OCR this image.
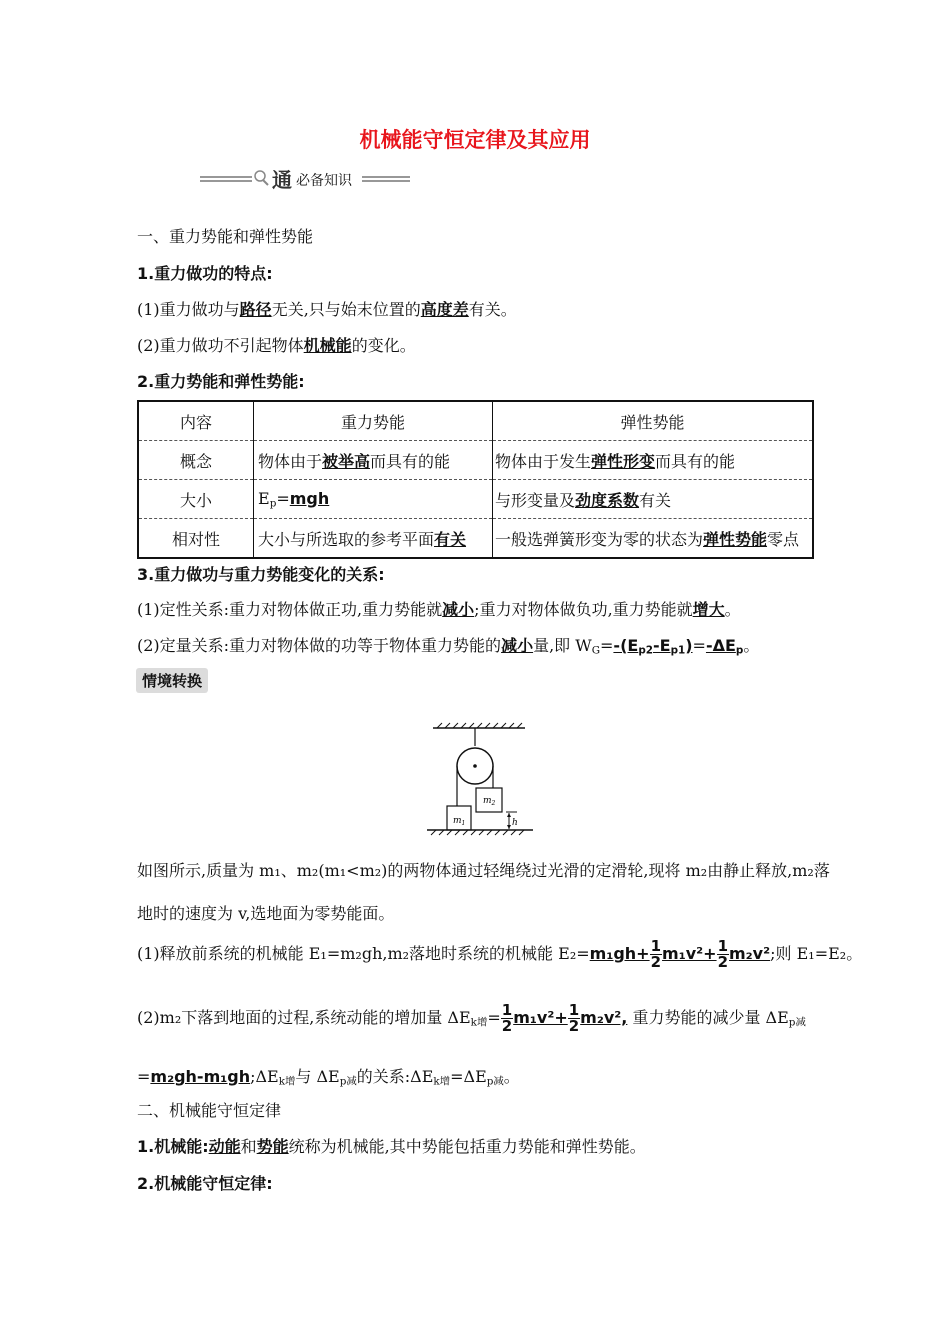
机械能守恒定律及其应用
通 必备知识
一、重力势能和弹性势能
1.重力做功的特点:
(1)重力做功与路径无关,只与始末位置的高度差有关。
(2)重力做功不引起物体机械能的变化。
2.重力势能和弹性势能:
内容	重力势能	弹性势能
概念	物体由于被举高而具有的能	物体由于发生弹性形变而具有的能
大小	$E_p=mgh$	与形变量及劲度系数有关
相对性	大小与所选取的参考平面有关	一般选弹簧形变为零的状态为弹性势能零点
3.重力做功与重力势能变化的关系:
(1)定性关系:重力对物体做正功,重力势能就减小;重力对物体做负功,重力势能就增大。
(2)定量关系:重力对物体做的功等于物体重力势能的减小量,即 $W_G=-(E_{p2}-E_{p1})=-\Delta E_p$。
情境转换
$m_1$
$m_2$
h
如图所示,质量为 m₁、m₂(m₁<m₂)的两物体通过轻绳绕过光滑的定滑轮,现将 m₂由静止释放,m₂落
地时的速度为 v,选地面为零势能面。
(1)释放前系统的机械能 E₁=m₂gh,m₂落地时系统的机械能 $E_2=m_1gh+ \frac{1}{2} m_1v^2+ \frac{1}{2} m_2v^2$;则 E₁=E₂。
(2)m₂下落到地面的过程,系统动能的增加量 $\Delta E_{k增}= \frac{1}{2} m_1v^2+ \frac{1}{2} m_2v^2$, 重力势能的减少量 $\Delta E_{p减}$
$=m_2gh-m_1gh;\Delta E_{k增}$与 $\Delta E_{p减}$的关系$:\Delta E_{k增}=\Delta E_{p减}$。
二、机械能守恒定律
1.机械能:动能和势能统称为机械能,其中势能包括重力势能和弹性势能。
2.机械能守恒定律:
